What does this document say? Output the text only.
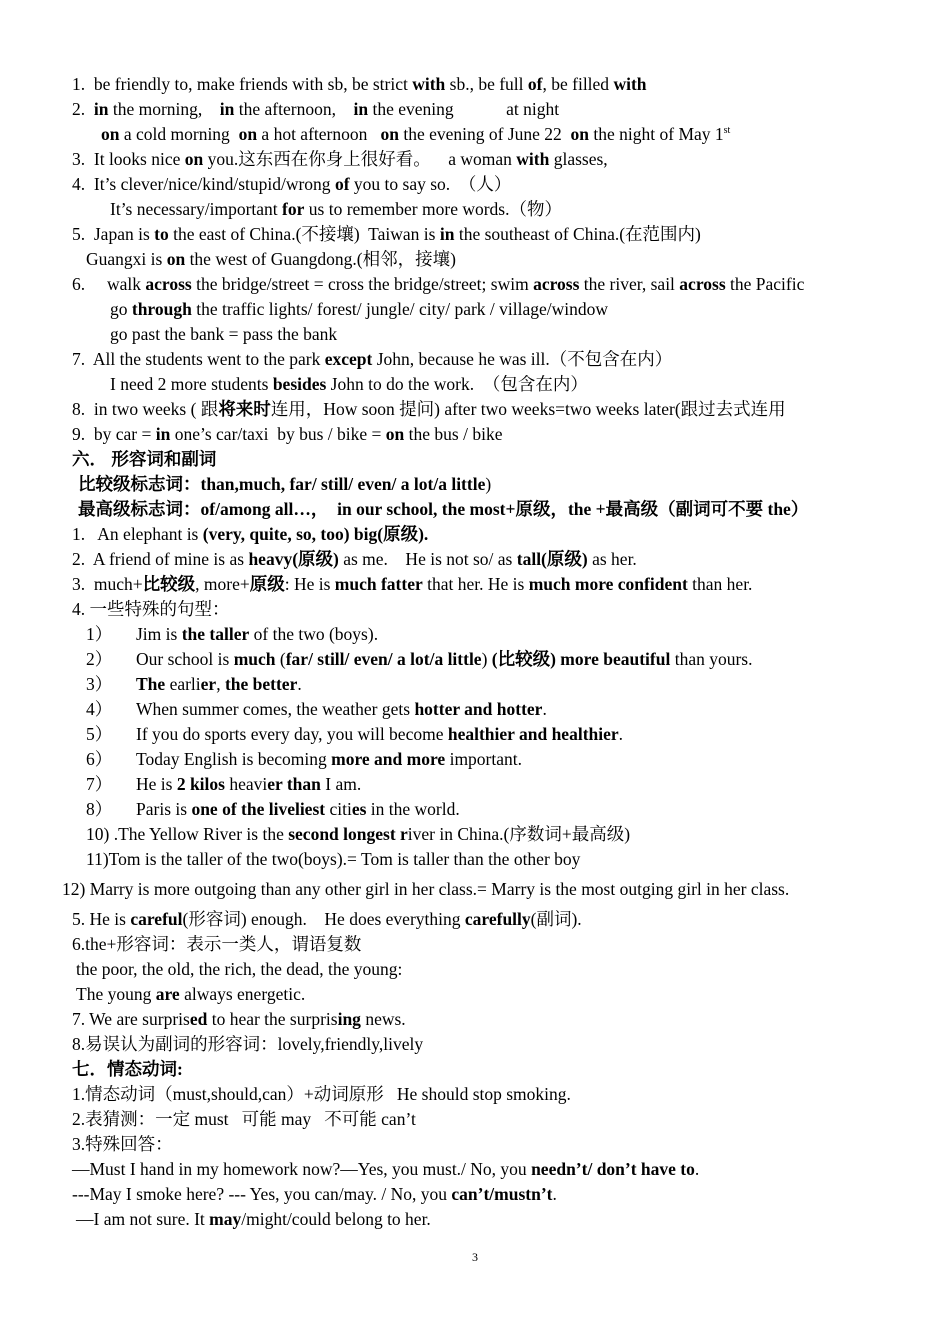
1.  be friendly to, make friends with sb, be strict with sb., be full of, be filled with
2.  in the morning,    in the afternoon,    in the evening            at night
on a cold morning  on a hot afternoon   on the evening of June 22  on the night of May 1st
3.  It looks nice on you.这东西在你身上很好看。    a woman with glasses,
4.  It’s clever/nice/kind/stupid/wrong of you to say so.  （人）
It’s necessary/important for us to remember more words.（物）
5.  Japan is to the east of China.(不接壤)  Taiwan is in the southeast of China.(在范围内)
Guangxi is on the west of Guangdong.(相邻，接壤)
6.     walk across the bridge/street = cross the bridge/street; swim across the river, sail across the Pacific
go through the traffic lights/ forest/ jungle/ city/ park / village/window
go past the bank = pass the bank
7.  All the students went to the park except John, because he was ill.（不包含在内）
I need 2 more students besides John to do the work.  （包含在内）
8.  in two weeks ( 跟将来时连用，How soon 提问) after two weeks=two weeks later(跟过去式连用
9.  by car = in one’s car/taxi  by bus / bike = on the bus / bike
六． 形容词和副词
比较级标志词：than,much, far/ still/ even/ a lot/a little)
最高级标志词：of/among all…，  in our school, the most+原级，the +最高级（副词可不要 the）
1.   An elephant is (very, quite, so, too) big(原级).
2.  A friend of mine is as heavy(原级) as me.    He is not so/ as tall(原级) as her.
3.  much+比较级, more+原级: He is much fatter that her. He is much more confident than her.
4. 一些特殊的句型：
1） Jim is the taller of the two (boys).
2） Our school is much (far/ still/ even/ a lot/a little) (比较级) more beautiful than yours.
3） The earlier, the better.
4） When summer comes, the weather gets hotter and hotter.
5） If you do sports every day, you will become healthier and healthier.
6） Today English is becoming more and more important.
7） He is 2 kilos heavier than I am.
8） Paris is one of the liveliest cities in the world.
10) .The Yellow River is the second longest river in China.(序数词+最高级)
11)Tom is the taller of the two(boys).= Tom is taller than the other boy
12) Marry is more outgoing than any other girl in her class.= Marry is the most outging girl in her class.
5. He is careful(形容词) enough.    He does everything carefully(副词).
6.the+形容词：表示一类人，谓语复数
the poor, the old, the rich, the dead, the young:
The young are always energetic.
7. We are surprised to hear the surprising news.
8.易误认为副词的形容词：lovely,friendly,lively
七．情态动词:
1.情态动词（must,should,can）+动词原形   He should stop smoking.
2.表猜测：一定 must   可能 may   不可能 can’t
3.特殊回答：
—Must I hand in my homework now?—Yes, you must./ No, you needn’t/ don’t have to.
---May I smoke here? --- Yes, you can/may. / No, you can’t/mustn’t.
—I am not sure. It may/might/could belong to her.
3
